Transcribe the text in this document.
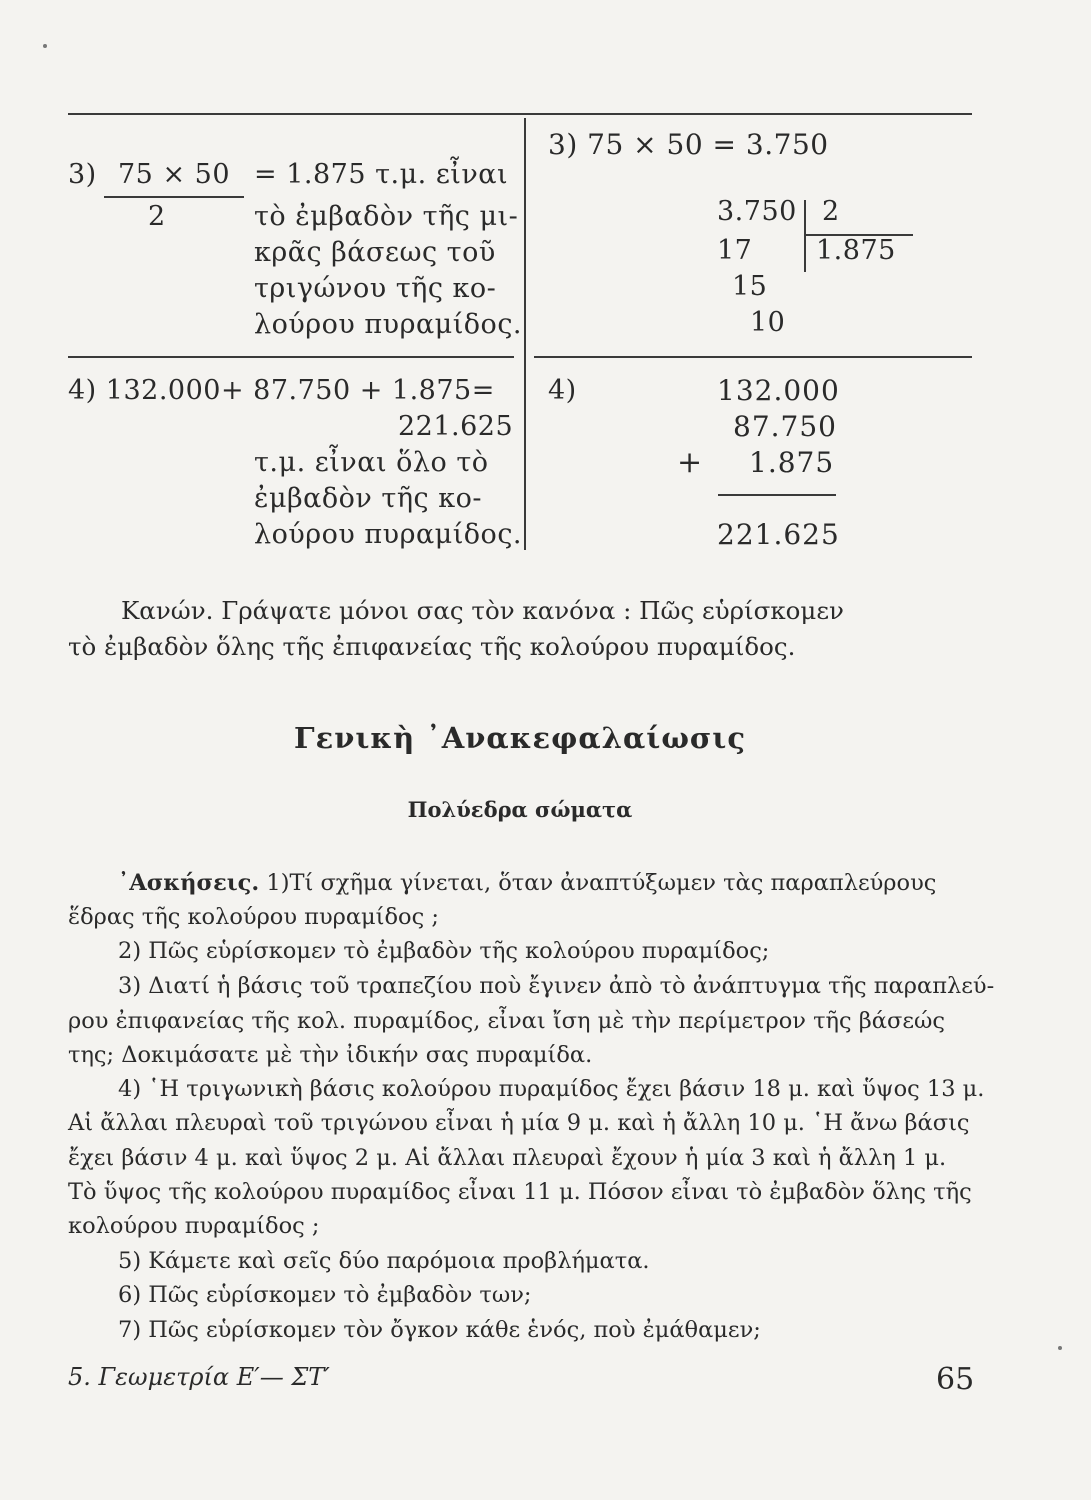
3) 75 × 50
2
= 1.875 τ.μ. εἶναι
τὸ ἐμβαδὸν τῆς μι-
κρᾶς βάσεως τοῦ
τριγώνου τῆς κο-
λούρου πυραμίδος.
3) 75 × 50 = 3.750
3.750 2
1.875
17
15
10
4) 132.000+ 87.750 + 1.875=
221.625
τ.μ. εἶναι ὅλο τὸ
ἐμβαδὸν τῆς κο-
λούρου πυραμίδος.
4)	132.000
87.750
+ 1.875
221.625
Κανών. Γράψατε μόνοι σας τὸν κανόνα : Πῶς εὑρίσκομεν
τὸ ἐμβαδὸν ὅλης τῆς ἐπιφανείας τῆς κολούρου πυραμίδος.
Γενικὴ ᾿Ανακεφαλαίωσις
Πολύεδρα σώματα
᾿Ασκήσεις. 1)Τί σχῆμα γίνεται, ὅταν ἀναπτύξωμεν τὰς παραπλεύρους
ἕδρας τῆς κολούρου πυραμίδος ;
2) Πῶς εὑρίσκομεν τὸ ἐμβαδὸν τῆς κολούρου πυραμίδος;
3) Διατί ἡ βάσις τοῦ τραπεζίου ποὺ ἔγινεν ἀπὸ τὸ ἀνάπτυγμα τῆς παραπλεύ-
ρου ἐπιφανείας τῆς κολ. πυραμίδος, εἶναι ἴση μὲ τὴν περίμετρον τῆς βάσεώς
της; Δοκιμάσατε μὲ τὴν ἰδικήν σας πυραμίδα.
4) ῾Η τριγωνικὴ βάσις κολούρου πυραμίδος ἔχει βάσιν 18 μ. καὶ ὕψος 13 μ.
Αἱ ἄλλαι πλευραὶ τοῦ τριγώνου εἶναι ἡ μία 9 μ. καὶ ἡ ἄλλη 10 μ. ῾Η ἄνω βάσις
ἔχει βάσιν 4 μ. καὶ ὕψος 2 μ. Αἱ ἄλλαι πλευραὶ ἔχουν ἡ μία 3 καὶ ἡ ἄλλη 1 μ.
Τὸ ὕψος τῆς κολούρου πυραμίδος εἶναι 11 μ. Πόσον εἶναι τὸ ἐμβαδὸν ὅλης τῆς
κολούρου πυραμίδος ;
5) Κάμετε καὶ σεῖς δύο παρόμοια προβλήματα.
6) Πῶς εὑρίσκομεν τὸ ἐμβαδὸν των;
7) Πῶς εὑρίσκομεν τὸν ὄγκον κάθε ἑνός, ποὺ ἐμάθαμεν;
5. Γεωμετρία Ε′— ΣΤ′	65
